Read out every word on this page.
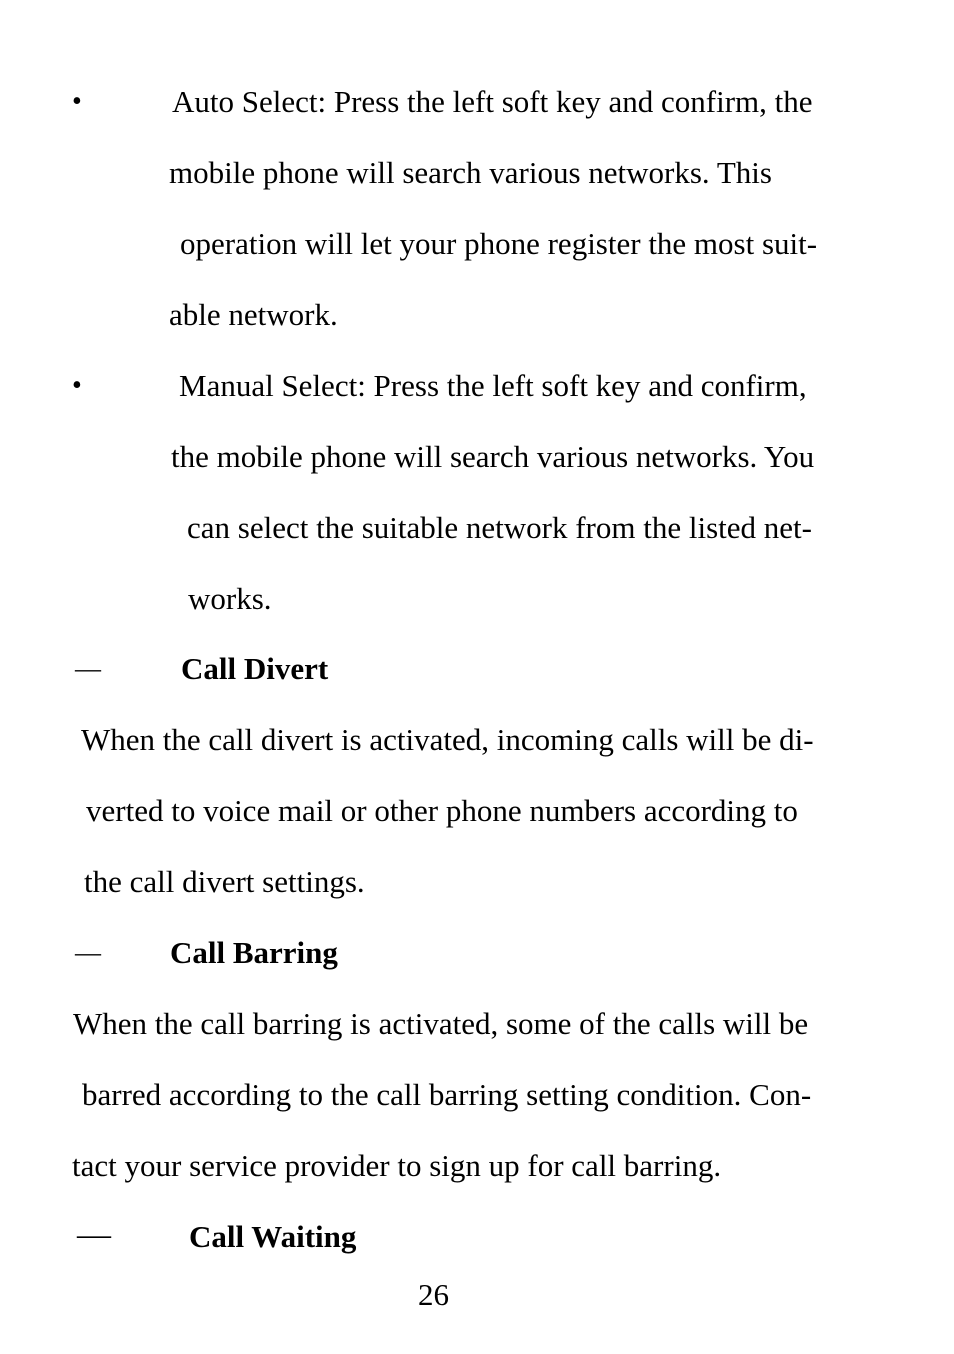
•	Auto Select: Press the left soft key and confirm, the
mobile phone will search various networks. This
operation will let your phone register the most suit-
able network.
•	Manual Select: Press the left soft key and confirm,
the mobile phone will search various networks. You
can select the suitable network from the listed net-
works.
—	Call Divert
When the call divert is activated, incoming calls will be di-
verted to voice mail or other phone numbers according to
the call divert settings.
— Call Barring
When the call barring is activated, some of the calls will be
barred according to the call barring setting condition. Con-
tact your service provider to sign up for call barring.
—	Call Waiting
26
